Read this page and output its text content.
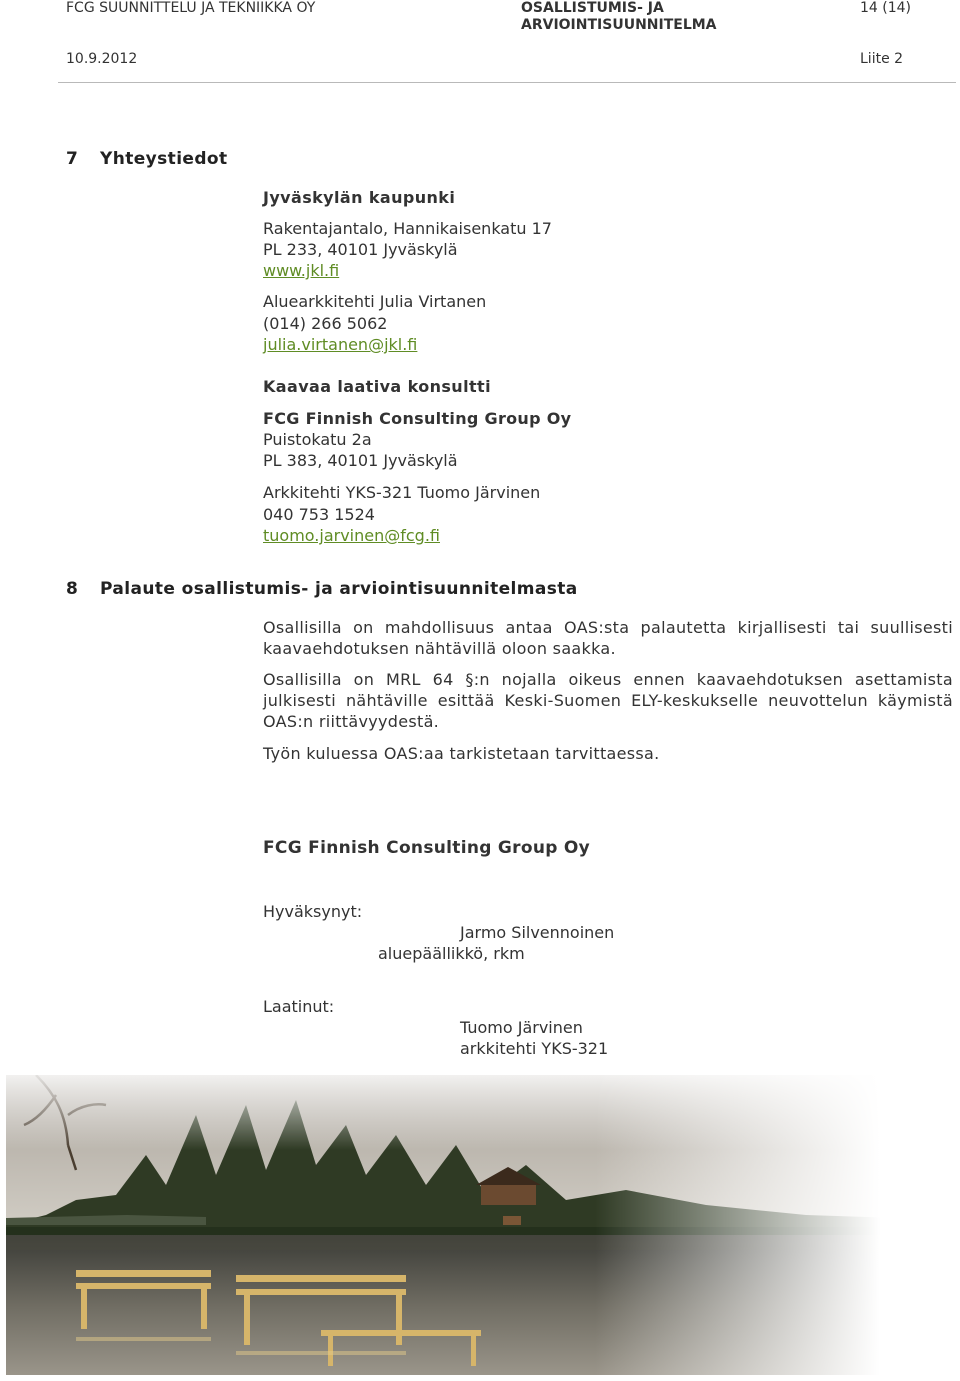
FCG SUUNNITTELU JA TEKNIIKKA OY	OSALLISTUMIS- JA
ARVIOINTISUUNNITELMA
14 (14)
10.9.2012	Liite 2
7 Yhteystiedot
Jyväskylän kaupunki
Rakentajantalo, Hannikaisenkatu 17
PL 233, 40101 Jyväskylä
www.jkl.fi
Aluearkkitehti Julia Virtanen
(014) 266 5062
julia.virtanen@jkl.fi
Kaavaa laativa konsultti
FCG Finnish Consulting Group Oy
Puistokatu 2a
PL 383, 40101 Jyväskylä
Arkkitehti YKS-321 Tuomo Järvinen
040 753 1524
tuomo.jarvinen@fcg.fi
8 Palaute osallistumis- ja arviointisuunnitelmasta
Osallisilla on mahdollisuus antaa OAS:sta palautetta kirjallisesti tai suullisesti kaavaehdotuksen nähtävillä oloon saakka.
Osallisilla on MRL 64 §:n nojalla oikeus ennen kaavaehdotuksen asettamista julkisesti nähtäville esittää Keski-Suomen ELY-keskukselle neuvottelun käymistä OAS:n riittävyydestä.
Työn kuluessa OAS:aa tarkistetaan tarvittaessa.
FCG Finnish Consulting Group Oy
Hyväksynyt:
Jarmo Silvennoinen
aluepäällikkö, rkm
Laatinut:
Tuomo Järvinen
arkkitehti YKS-321
